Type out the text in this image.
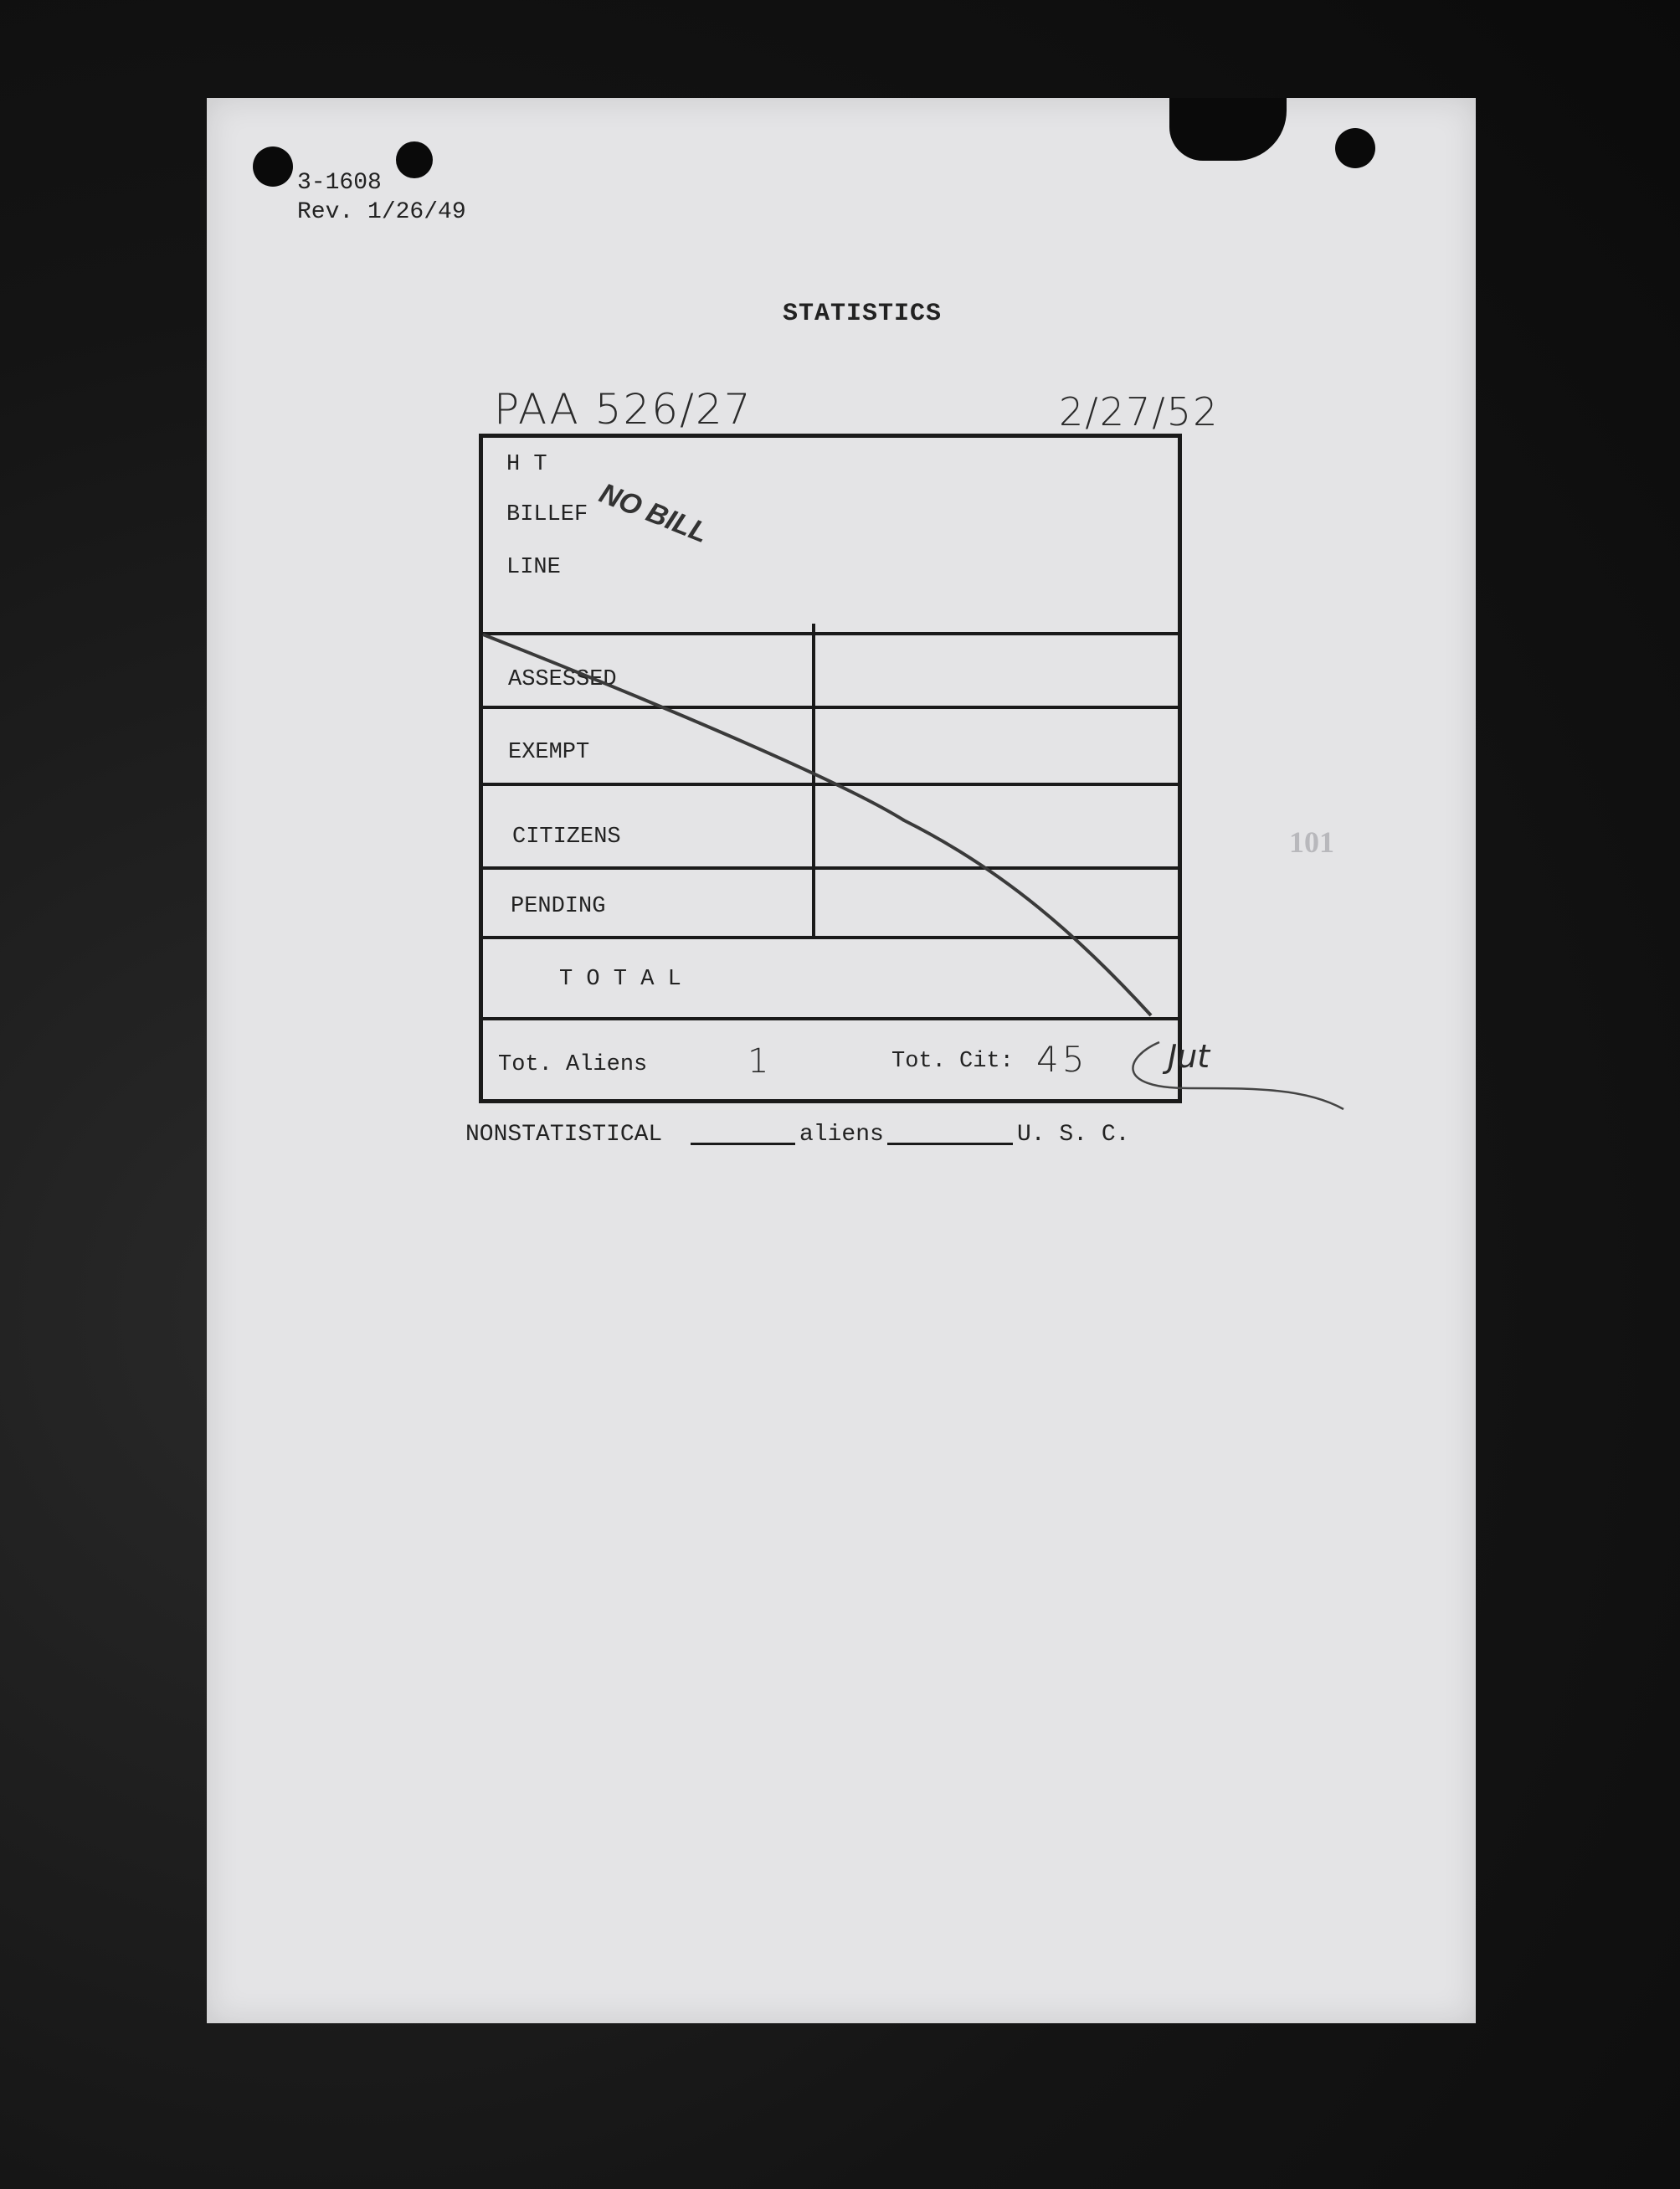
101
3-1608
Rev. 1/26/49
STATISTICS
PAA 526/27	2/27/52
H T
BILLEF
LINE
NO BILL
ASSESSED
EXEMPT
CITIZENS
PENDING
T O T A L
Tot. Aliens	1	Tot. Cit: 45	Jut
NONSTATISTICAL	aliens	U. S. C.
